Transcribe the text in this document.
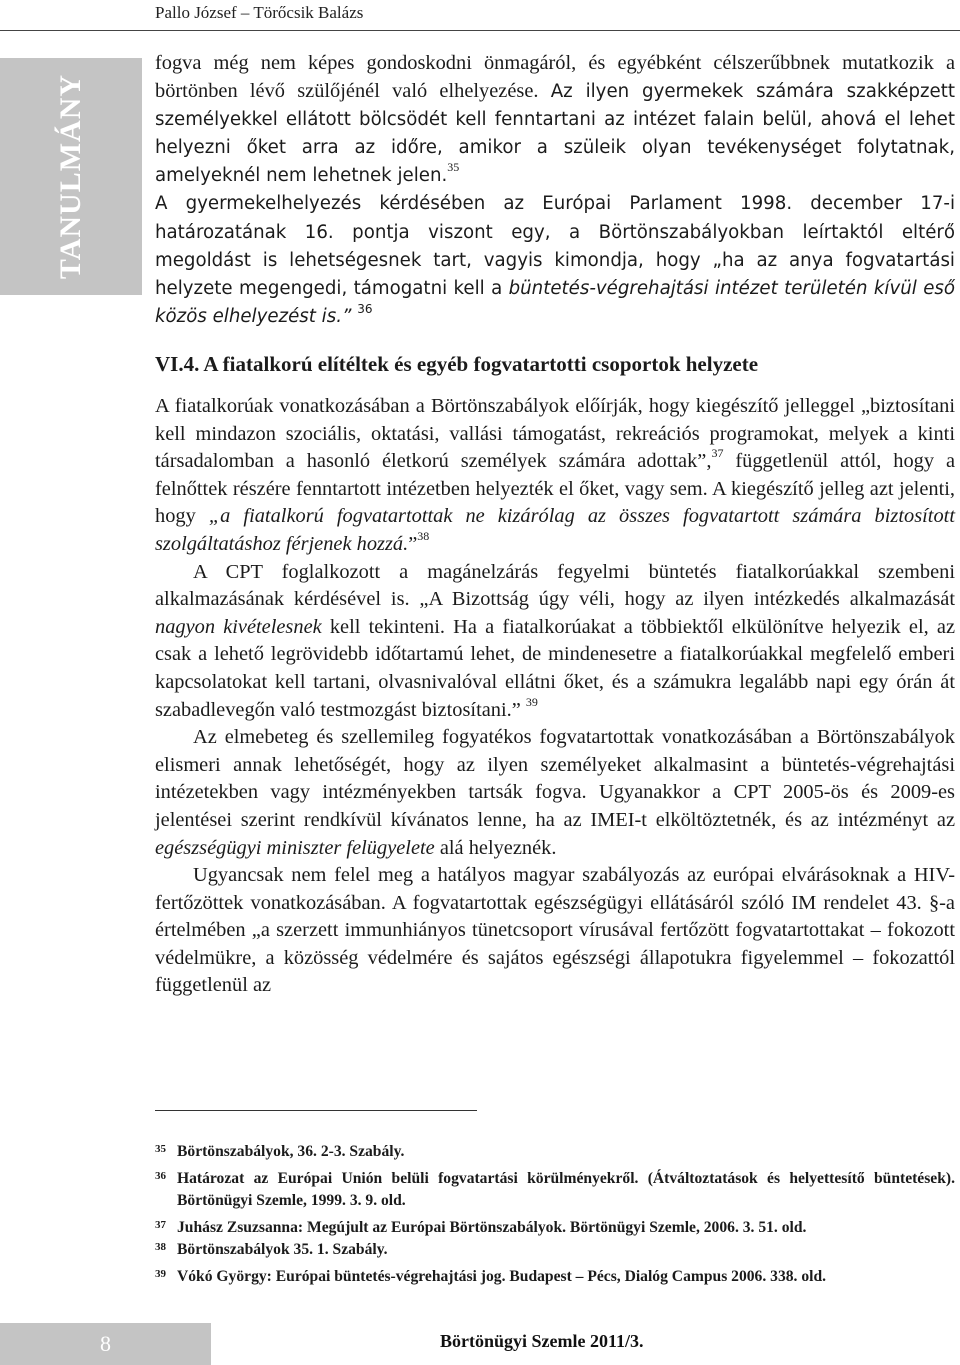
Pallo József – Törőcsik Balázs
TANULMÁNY

fogva még nem képes gondoskodni önmagáról, és egyébként célszerűbbnek mutatkozik a börtönben lévő szülőjénél való elhelyezése. Az ilyen gyermekek számára szakképzett személyekkel ellátott bölcsödét kell fenntartani az intézet falain belül, ahová el lehet helyezni őket arra az időre, amikor a szüleik olyan tevékenységet folytatnak, amelyeknél nem lehetnek jelen.$^{35}$

A gyermekelhelyezés kérdésében az Európai Parlament 1998. december 17-i határozatának 16. pontja viszont egy, a Börtönszabályokban leírtaktól eltérő megoldást is lehetségesnek tart, vagyis kimondja, hogy „ha az anya fogvatartási helyzete megengedi, támogatni kell a büntetés-végrehajtási intézet területén kívül eső közös elhelyezést is.” $^{36}$

VI.4. A fiatalkorú elítéltek és egyéb fogvatartotti csoportok helyzete

A fiatalkorúak vonatkozásában a Börtönszabályok előírják, hogy kiegészítő jelleggel „biztosítani kell mindazon szociális, oktatási, vallási támogatást, rekreációs programokat, melyek a kinti társadalomban a hasonló életkorú személyek számára adottak”,$^{37}$ függetlenül attól, hogy a felnőttek részére fenntartott intézetben helyezték el őket, vagy sem. A kiegészítő jelleg azt jelenti, hogy „a fiatalkorú fogvatartottak ne kizárólag az összes fogvatartott számára biztosított szolgáltatáshoz férjenek hozzá.”$^{38}$

A CPT foglalkozott a magánelzárás fegyelmi büntetés fiatalkorúakkal szembeni alkalmazásának kérdésével is. „A Bizottság úgy véli, hogy az ilyen intézkedés alkalmazását nagyon kivételesnek kell tekinteni. Ha a fiatalkorúakat a többiektől elkülönítve helyezik el, az csak a lehető legrövidebb időtartamú lehet, de mindenesetre a fiatalkorúakkal megfelelő emberi kapcsolatokat kell tartani, olvasnivalóval ellátni őket, és a számukra legalább napi egy órán át szabadlevegőn való testmozgást biztosítani.” $^{39}$

Az elmebeteg és szellemileg fogyatékos fogvatartottak vonatkozásában a Börtönszabályok elismeri annak lehetőségét, hogy az ilyen személyeket alkalmasint a büntetés-végrehajtási intézetekben vagy intézményekben tartsák fogva. Ugyanakkor a CPT 2005-ös és 2009-es jelentései szerint rendkívül kívánatos lenne, ha az IMEI-t elköltöztetnék, és az intézményt az egészségügyi miniszter felügyelete alá helyeznék.

Ugyancsak nem felel meg a hatályos magyar szabályozás az európai elvárásoknak a HIV- fertőzöttek vonatkozásában. A fogvatartottak egészségügyi ellátásáról szóló IM rendelet 43. §-a értelmében „a szerzett immunhiányos tünetcsoport vírusával fertőzött fogvatartottakat – fokozott védelmükre, a közösség védelmére és sajátos egészségi állapotukra figyelemmel – fokozattól függetlenül az

35 Börtönszabályok, 36. 2-3. Szabály.
36 Határozat az Európai Unión belüli fogvatartási körülményekről. (Átváltoztatások és helyettesítő büntetések). Börtönügyi Szemle, 1999. 3. 9. old.
37 Juhász Zsuzsanna: Megújult az Európai Börtönszabályok. Börtönügyi Szemle, 2006. 3. 51. old.
38 Börtönszabályok 35. 1. Szabály.
39 Vókó György: Európai büntetés-végrehajtási jog. Budapest – Pécs, Dialóg Campus 2006. 338. old.
8	Börtönügyi Szemle 2011/3.
